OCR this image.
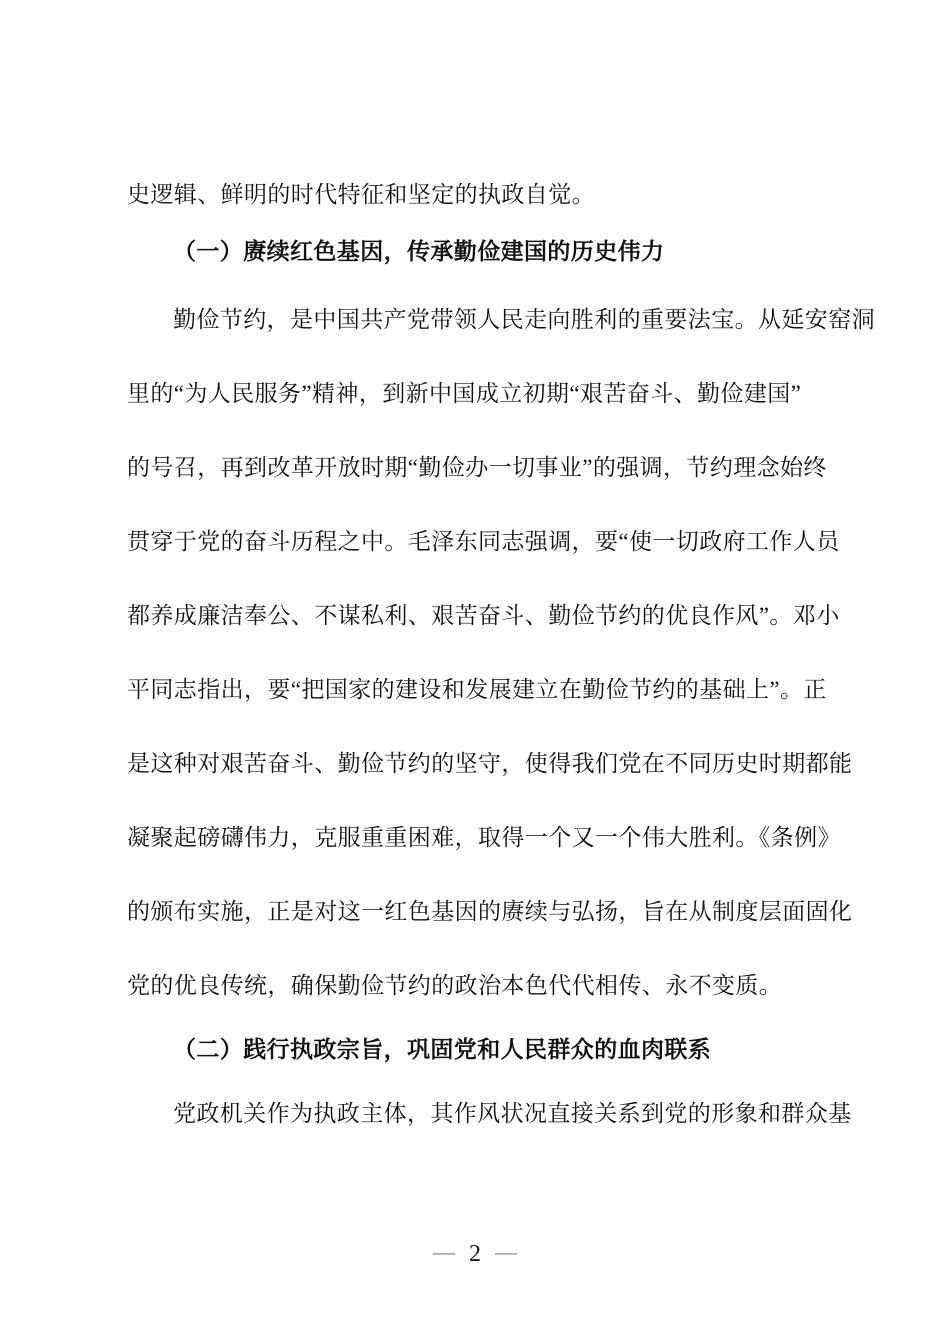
史逻辑、鲜明的时代特征和坚定的执政自觉。
（一）赓续红色基因，传承勤俭建国的历史伟力
勤俭节约，是中国共产党带领人民走向胜利的重要法宝。从延安窑洞
里的“为人民服务”精神，到新中国成立初期“艰苦奋斗、勤俭建国”
的号召，再到改革开放时期“勤俭办一切事业”的强调，节约理念始终
贯穿于党的奋斗历程之中。毛泽东同志强调，要“使一切政府工作人员
都养成廉洁奉公、不谋私利、艰苦奋斗、勤俭节约的优良作风”。邓小
平同志指出，要“把国家的建设和发展建立在勤俭节约的基础上”。正
是这种对艰苦奋斗、勤俭节约的坚守，使得我们党在不同历史时期都能
凝聚起磅礴伟力，克服重重困难，取得一个又一个伟大胜利。《条例》
的颁布实施，正是对这一红色基因的赓续与弘扬，旨在从制度层面固化
党的优良传统，确保勤俭节约的政治本色代代相传、永不变质。
（二）践行执政宗旨，巩固党和人民群众的血肉联系
党政机关作为执政主体，其作风状况直接关系到党的形象和群众基
— 2 —
